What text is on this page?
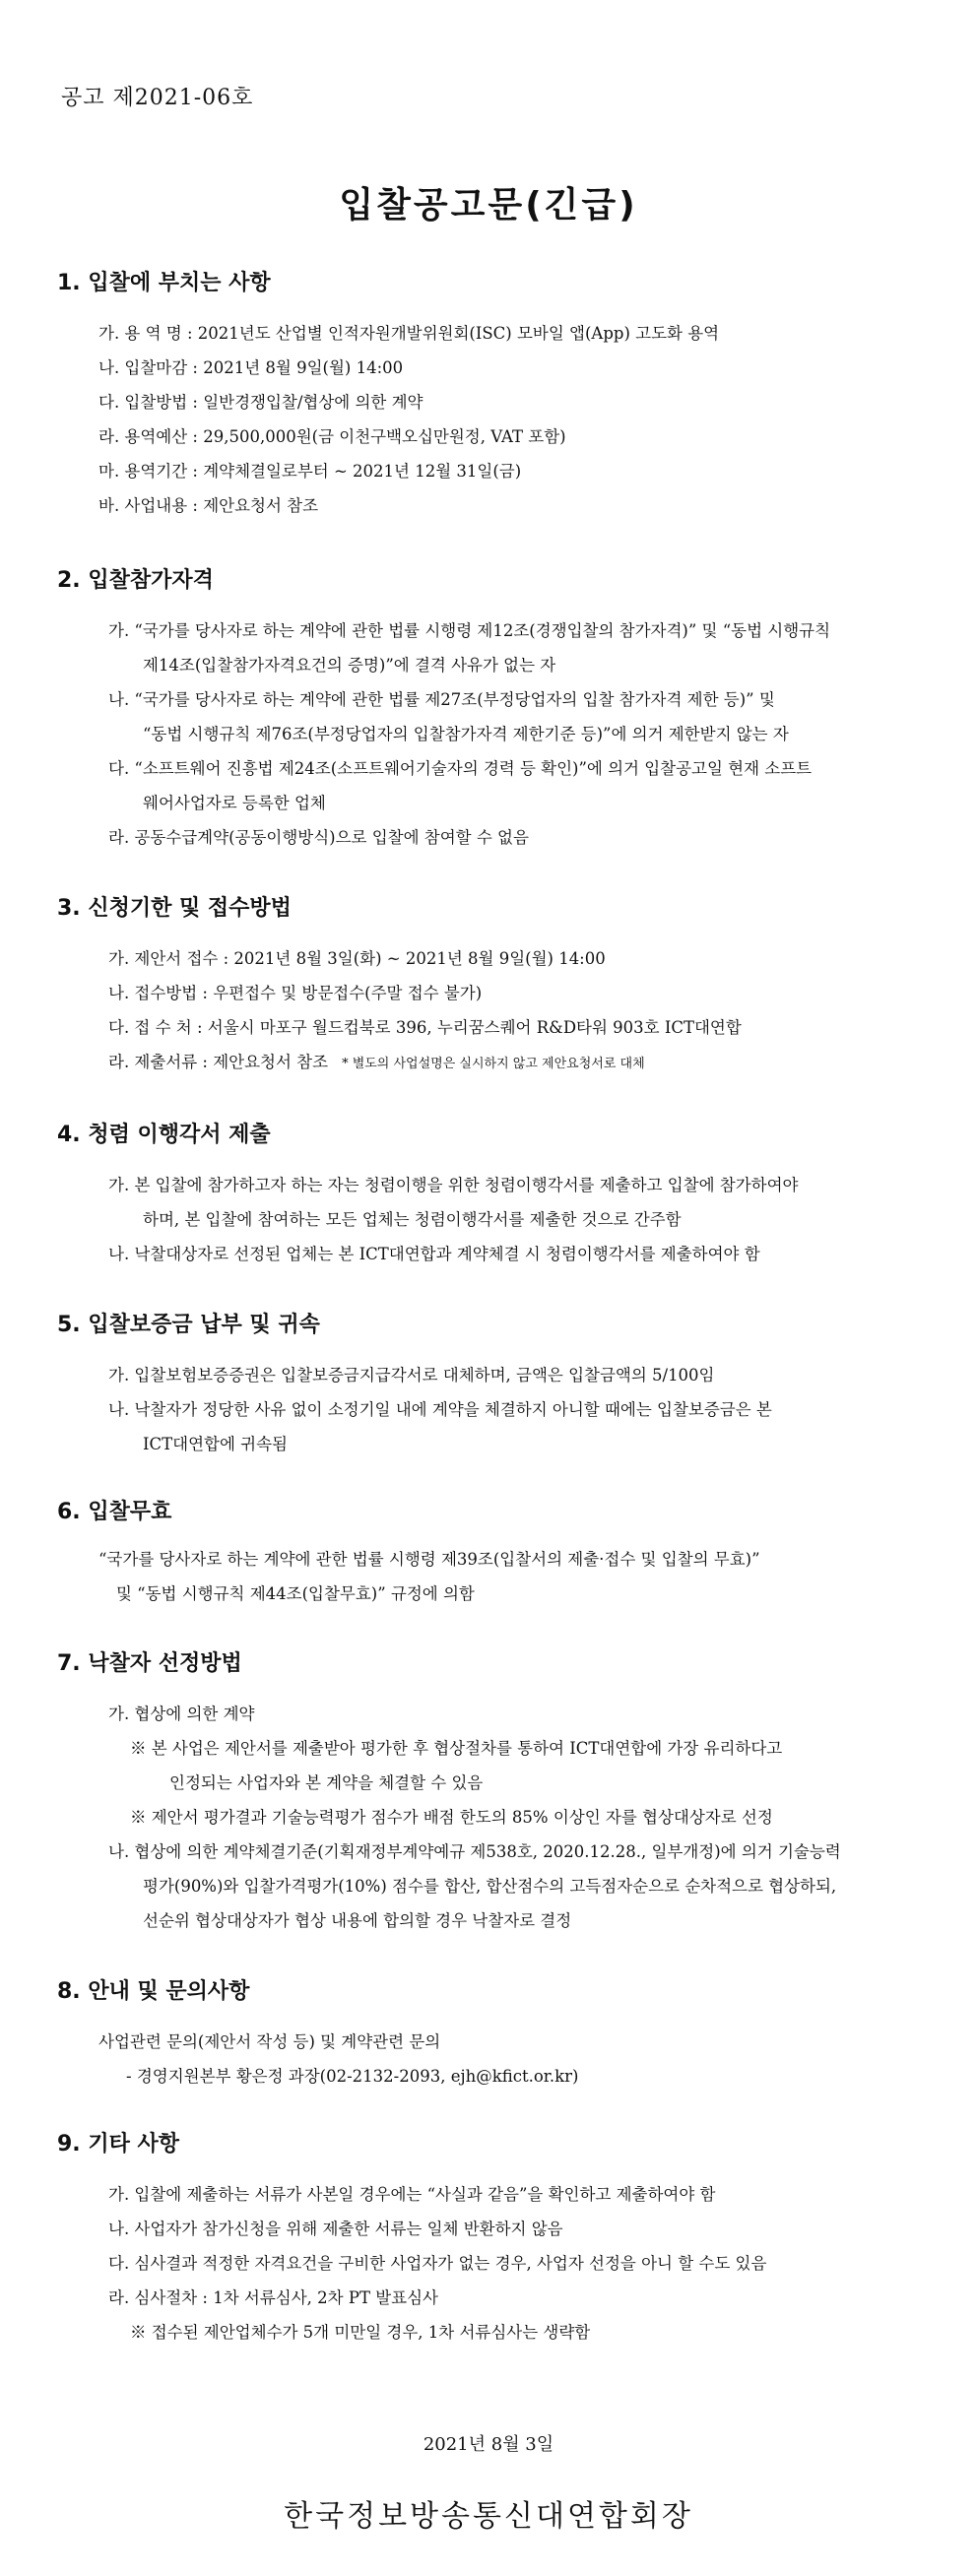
공고 제2021-06호
입찰공고문(긴급)
1. 입찰에 부치는 사항
가. 용 역 명 : 2021년도 산업별 인적자원개발위원회(ISC) 모바일 앱(App) 고도화 용역
나. 입찰마감 : 2021년 8월 9일(월) 14:00
다. 입찰방법 : 일반경쟁입찰/협상에 의한 계약
라. 용역예산 : 29,500,000원(금 이천구백오십만원정, VAT 포함)
마. 용역기간 : 계약체결일로부터 ~ 2021년 12월 31일(금)
바. 사업내용 : 제안요청서 참조
2. 입찰참가자격
가. “국가를 당사자로 하는 계약에 관한 법률 시행령 제12조(경쟁입찰의 참가자격)” 및 “동법 시행규칙
제14조(입찰참가자격요건의 증명)”에 결격 사유가 없는 자
나. “국가를 당사자로 하는 계약에 관한 법률 제27조(부정당업자의 입찰 참가자격 제한 등)” 및
“동법 시행규칙 제76조(부정당업자의 입찰참가자격 제한기준 등)”에 의거 제한받지 않는 자
다. “소프트웨어 진흥법 제24조(소프트웨어기술자의 경력 등 확인)”에 의거 입찰공고일 현재 소프트
웨어사업자로 등록한 업체
라. 공동수급계약(공동이행방식)으로 입찰에 참여할 수 없음
3. 신청기한 및 접수방법
가. 제안서 접수 : 2021년 8월 3일(화) ~ 2021년 8월 9일(월) 14:00
나. 접수방법 : 우편접수 및 방문접수(주말 접수 불가)
다. 접 수 처 : 서울시 마포구 월드컵북로 396, 누리꿈스퀘어 R&D타워 903호 ICT대연합
라. 제출서류 : 제안요청서 참조 * 별도의 사업설명은 실시하지 않고 제안요청서로 대체
4. 청렴 이행각서 제출
가. 본 입찰에 참가하고자 하는 자는 청렴이행을 위한 청렴이행각서를 제출하고 입찰에 참가하여야
하며, 본 입찰에 참여하는 모든 업체는 청렴이행각서를 제출한 것으로 간주함
나. 낙찰대상자로 선정된 업체는 본 ICT대연합과 계약체결 시 청렴이행각서를 제출하여야 함
5. 입찰보증금 납부 및 귀속
가. 입찰보험보증증권은 입찰보증금지급각서로 대체하며, 금액은 입찰금액의 5/100임
나. 낙찰자가 정당한 사유 없이 소정기일 내에 계약을 체결하지 아니할 때에는 입찰보증금은 본
ICT대연합에 귀속됨
6. 입찰무효
“국가를 당사자로 하는 계약에 관한 법률 시행령 제39조(입찰서의 제출·접수 및 입찰의 무효)”
및 “동법 시행규칙 제44조(입찰무효)” 규정에 의함
7. 낙찰자 선정방법
가. 협상에 의한 계약
※ 본 사업은 제안서를 제출받아 평가한 후 협상절차를 통하여 ICT대연합에 가장 유리하다고
인정되는 사업자와 본 계약을 체결할 수 있음
※ 제안서 평가결과 기술능력평가 점수가 배점 한도의 85% 이상인 자를 협상대상자로 선정
나. 협상에 의한 계약체결기준(기획재정부계약예규 제538호, 2020.12.28., 일부개정)에 의거 기술능력
평가(90%)와 입찰가격평가(10%) 점수를 합산, 합산점수의 고득점자순으로 순차적으로 협상하되,
선순위 협상대상자가 협상 내용에 합의할 경우 낙찰자로 결정
8. 안내 및 문의사항
사업관련 문의(제안서 작성 등) 및 계약관련 문의
- 경영지원본부 황은정 과장(02-2132-2093, ejh@kfict.or.kr)
9. 기타 사항
가. 입찰에 제출하는 서류가 사본일 경우에는 “사실과 같음”을 확인하고 제출하여야 함
나. 사업자가 참가신청을 위해 제출한 서류는 일체 반환하지 않음
다. 심사결과 적정한 자격요건을 구비한 사업자가 없는 경우, 사업자 선정을 아니 할 수도 있음
라. 심사절차 : 1차 서류심사, 2차 PT 발표심사
※ 접수된 제안업체수가 5개 미만일 경우, 1차 서류심사는 생략함
2021년 8월 3일
한국정보방송통신대연합회장
